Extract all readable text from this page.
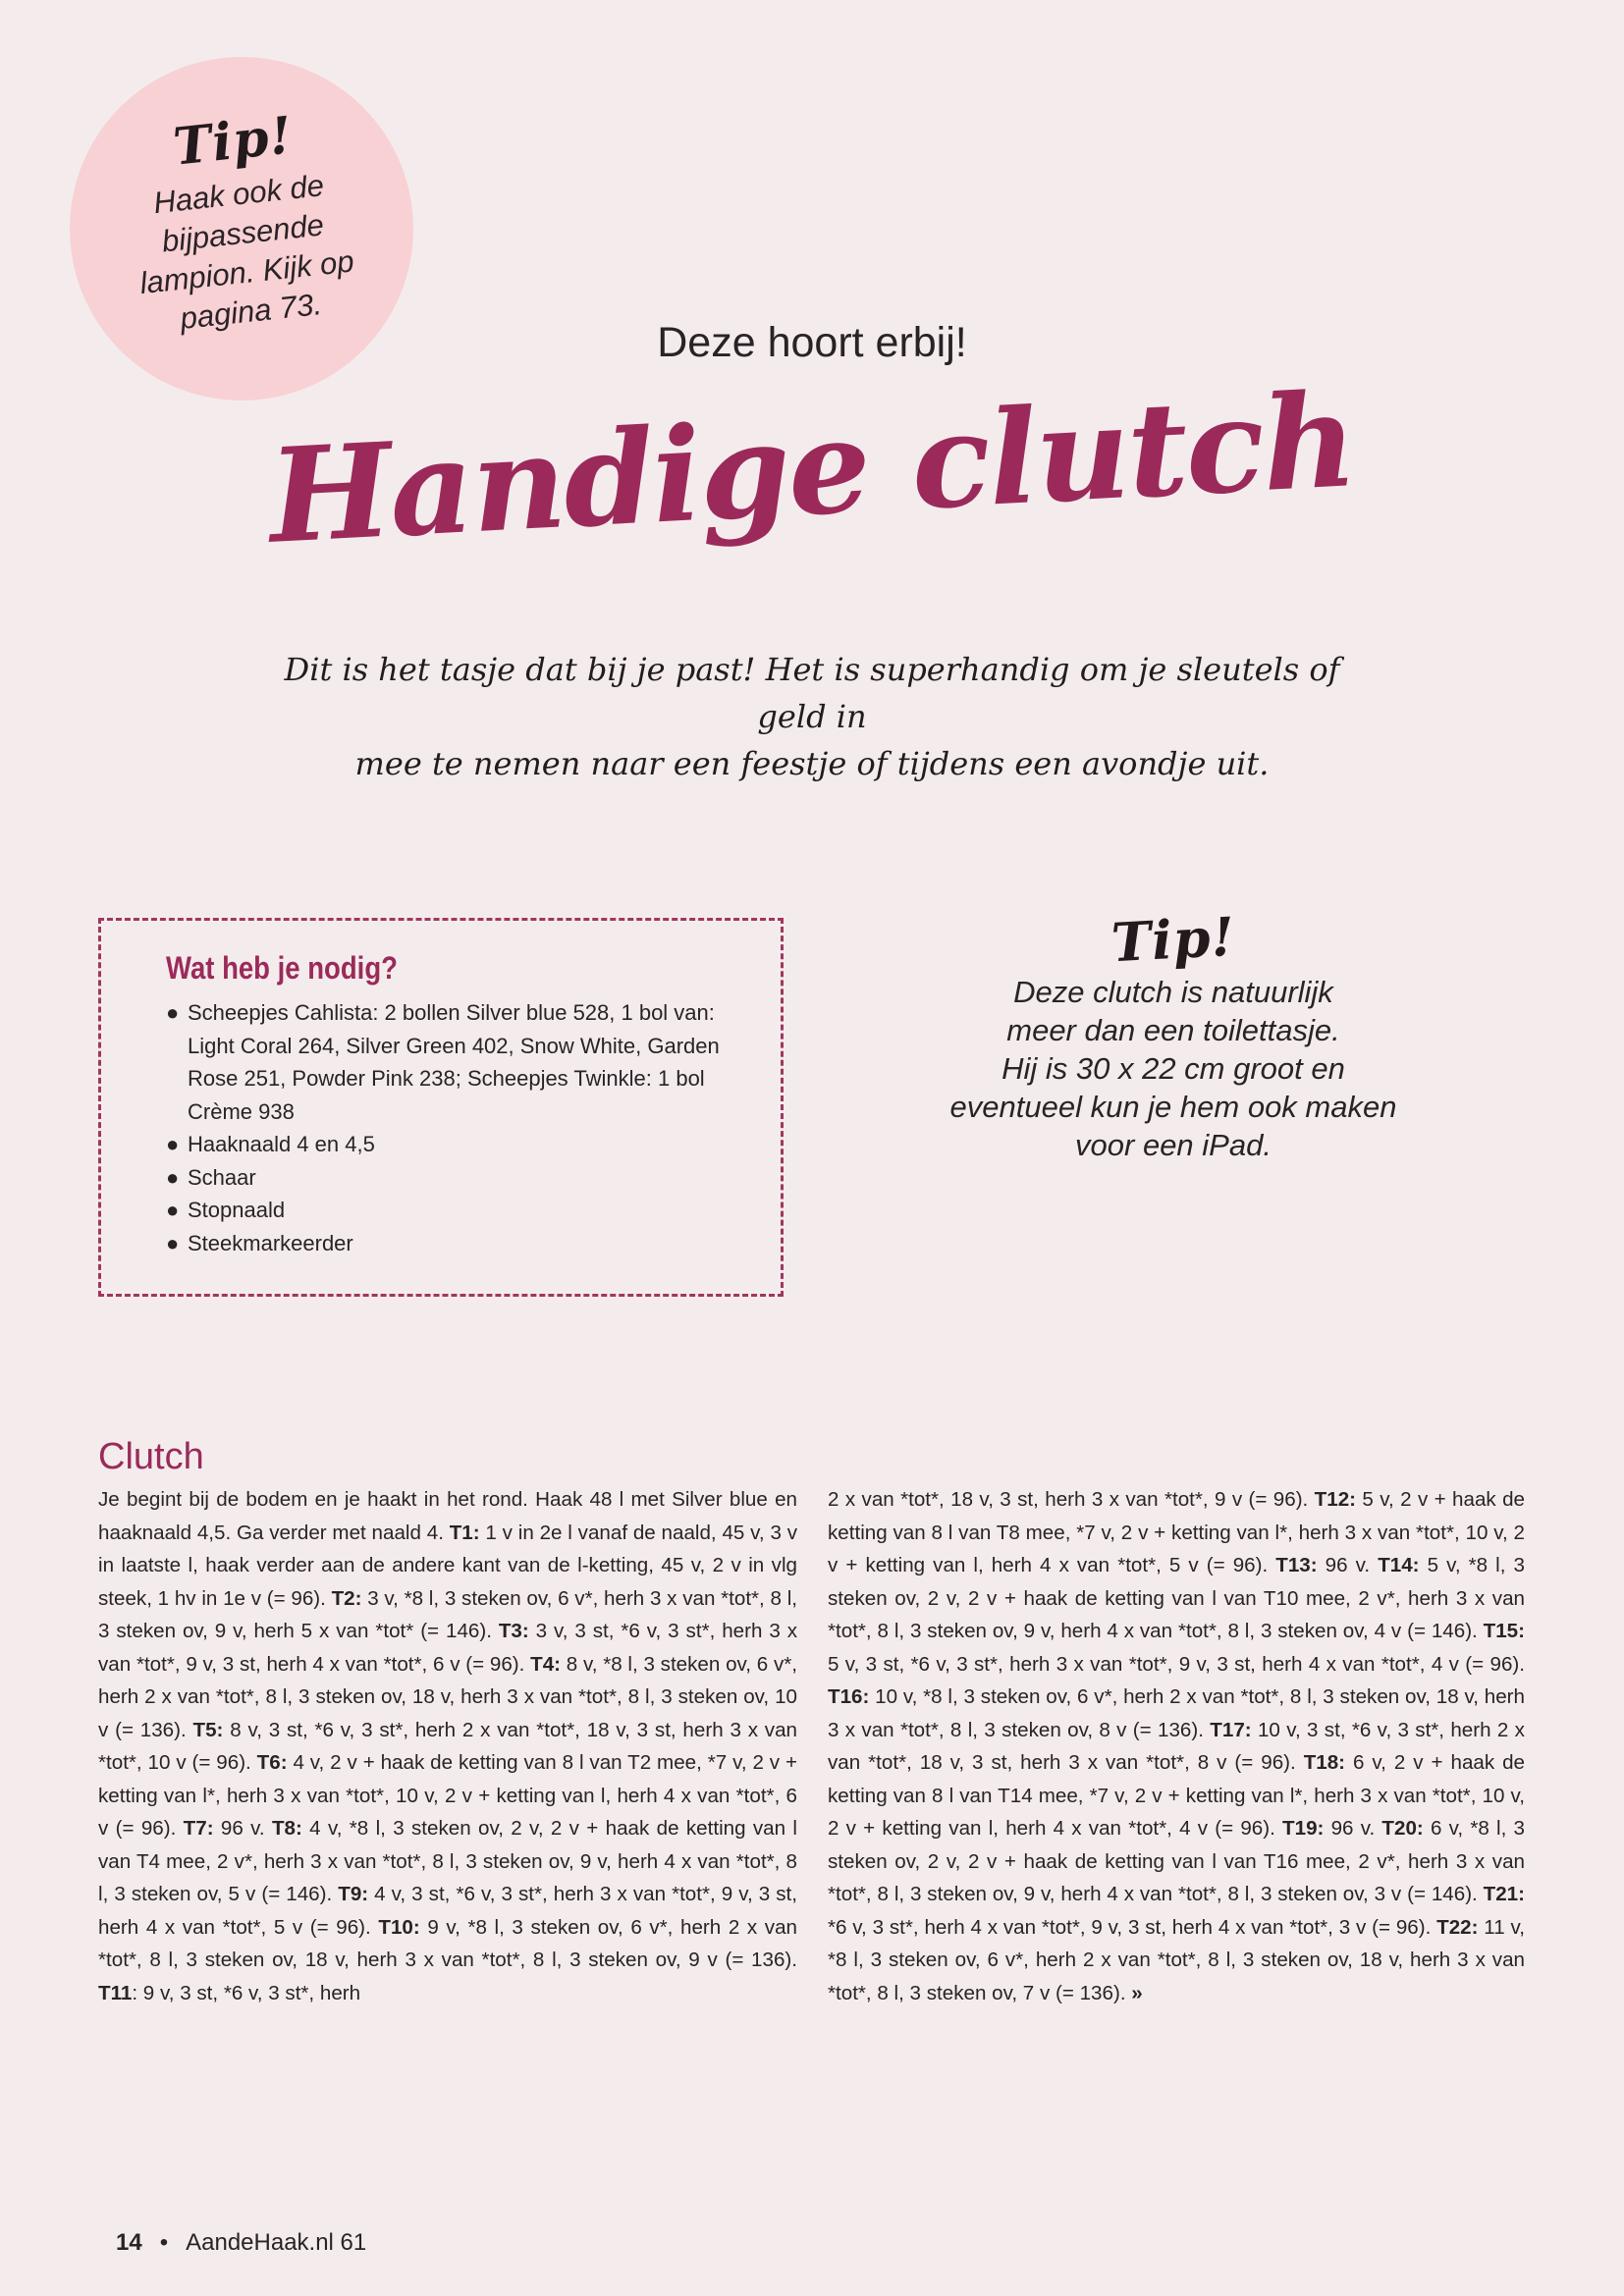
Tip!

Haak ook de bijpassende lampion. Kijk op pagina 73.

Deze hoort erbij!

Handige clutch
Dit is het tasje dat bij je past! Het is superhandig om je sleutels of geld in
mee te nemen naar een feestje of tijdens een avondje uit.
Wat heb je nodig?
● Scheepjes Cahlista: 2 bollen Silver blue 528, 1 bol van: Light Coral 264, Silver Green 402, Snow White, Garden Rose 251, Powder Pink 238; Scheepjes Twinkle: 1 bol Crème 938
● Haaknaald 4 en 4,5
● Schaar
● Stopnaald
● Steekmarkeerder

Tip!

Deze clutch is natuurlijk
meer dan een toilettasje.
Hij is 30 x 22 cm groot en
eventueel kun je hem ook maken
voor een iPad.
Clutch

Je begint bij de bodem en je haakt in het rond. Haak 48 l met Silver blue en haaknaald 4,5. Ga verder met naald 4. T1: 1 v in 2e l vanaf de naald, 45 v, 3 v in laatste l, haak verder aan de andere kant van de l-ketting, 45 v, 2 v in vlg steek, 1 hv in 1e v (= 96). T2: 3 v, *8 l, 3 steken ov, 6 v*, herh 3 x van *tot*, 8 l, 3 steken ov, 9 v, herh 5 x van *tot* (= 146). T3: 3 v, 3 st, *6 v, 3 st*, herh 3 x van *tot*, 9 v, 3 st, herh 4 x van *tot*, 6 v (= 96). T4: 8 v, *8 l, 3 steken ov, 6 v*, herh 2 x van *tot*, 8 l, 3 steken ov, 18 v, herh 3 x van *tot*, 8 l, 3 steken ov, 10 v (= 136). T5: 8 v, 3 st, *6 v, 3 st*, herh 2 x van *tot*, 18 v, 3 st, herh 3 x van *tot*, 10 v (= 96). T6: 4 v, 2 v + haak de ketting van 8 l van T2 mee, *7 v, 2 v + ketting van l*, herh 3 x van *tot*, 10 v, 2 v + ketting van l, herh 4 x van *tot*, 6 v (= 96). T7: 96 v. T8: 4 v, *8 l, 3 steken ov, 2 v, 2 v + haak de ketting van l van T4 mee, 2 v*, herh 3 x van *tot*, 8 l, 3 steken ov, 9 v, herh 4 x van *tot*, 8 l, 3 steken ov, 5 v (= 146). T9: 4 v, 3 st, *6 v, 3 st*, herh 3 x van *tot*, 9 v, 3 st, herh 4 x van *tot*, 5 v (= 96). T10: 9 v, *8 l, 3 steken ov, 6 v*, herh 2 x van *tot*, 8 l, 3 steken ov, 18 v, herh 3 x van *tot*, 8 l, 3 steken ov, 9 v (= 136). T11: 9 v, 3 st, *6 v, 3 st*, herh

2 x van *tot*, 18 v, 3 st, herh 3 x van *tot*, 9 v (= 96). T12: 5 v, 2 v + haak de ketting van 8 l van T8 mee, *7 v, 2 v + ketting van l*, herh 3 x van *tot*, 10 v, 2 v + ketting van l, herh 4 x van *tot*, 5 v (= 96). T13: 96 v. T14: 5 v, *8 l, 3 steken ov, 2 v, 2 v + haak de ketting van l van T10 mee, 2 v*, herh 3 x van *tot*, 8 l, 3 steken ov, 9 v, herh 4 x van *tot*, 8 l, 3 steken ov, 4 v (= 146). T15: 5 v, 3 st, *6 v, 3 st*, herh 3 x van *tot*, 9 v, 3 st, herh 4 x van *tot*, 4 v (= 96). T16: 10 v, *8 l, 3 steken ov, 6 v*, herh 2 x van *tot*, 8 l, 3 steken ov, 18 v, herh 3 x van *tot*, 8 l, 3 steken ov, 8 v (= 136). T17: 10 v, 3 st, *6 v, 3 st*, herh 2 x van *tot*, 18 v, 3 st, herh 3 x van *tot*, 8 v (= 96). T18: 6 v, 2 v + haak de ketting van 8 l van T14 mee, *7 v, 2 v + ketting van l*, herh 3 x van *tot*, 10 v, 2 v + ketting van l, herh 4 x van *tot*, 4 v (= 96). T19: 96 v. T20: 6 v, *8 l, 3 steken ov, 2 v, 2 v + haak de ketting van l van T16 mee, 2 v*, herh 3 x van *tot*, 8 l, 3 steken ov, 9 v, herh 4 x van *tot*, 8 l, 3 steken ov, 3 v (= 146). T21: *6 v, 3 st*, herh 4 x van *tot*, 9 v, 3 st, herh 4 x van *tot*, 3 v (= 96). T22: 11 v, *8 l, 3 steken ov, 6 v*, herh 2 x van *tot*, 8 l, 3 steken ov, 18 v, herh 3 x van *tot*, 8 l, 3 steken ov, 7 v (= 136). »

14 • AandeHaak.nl 61
